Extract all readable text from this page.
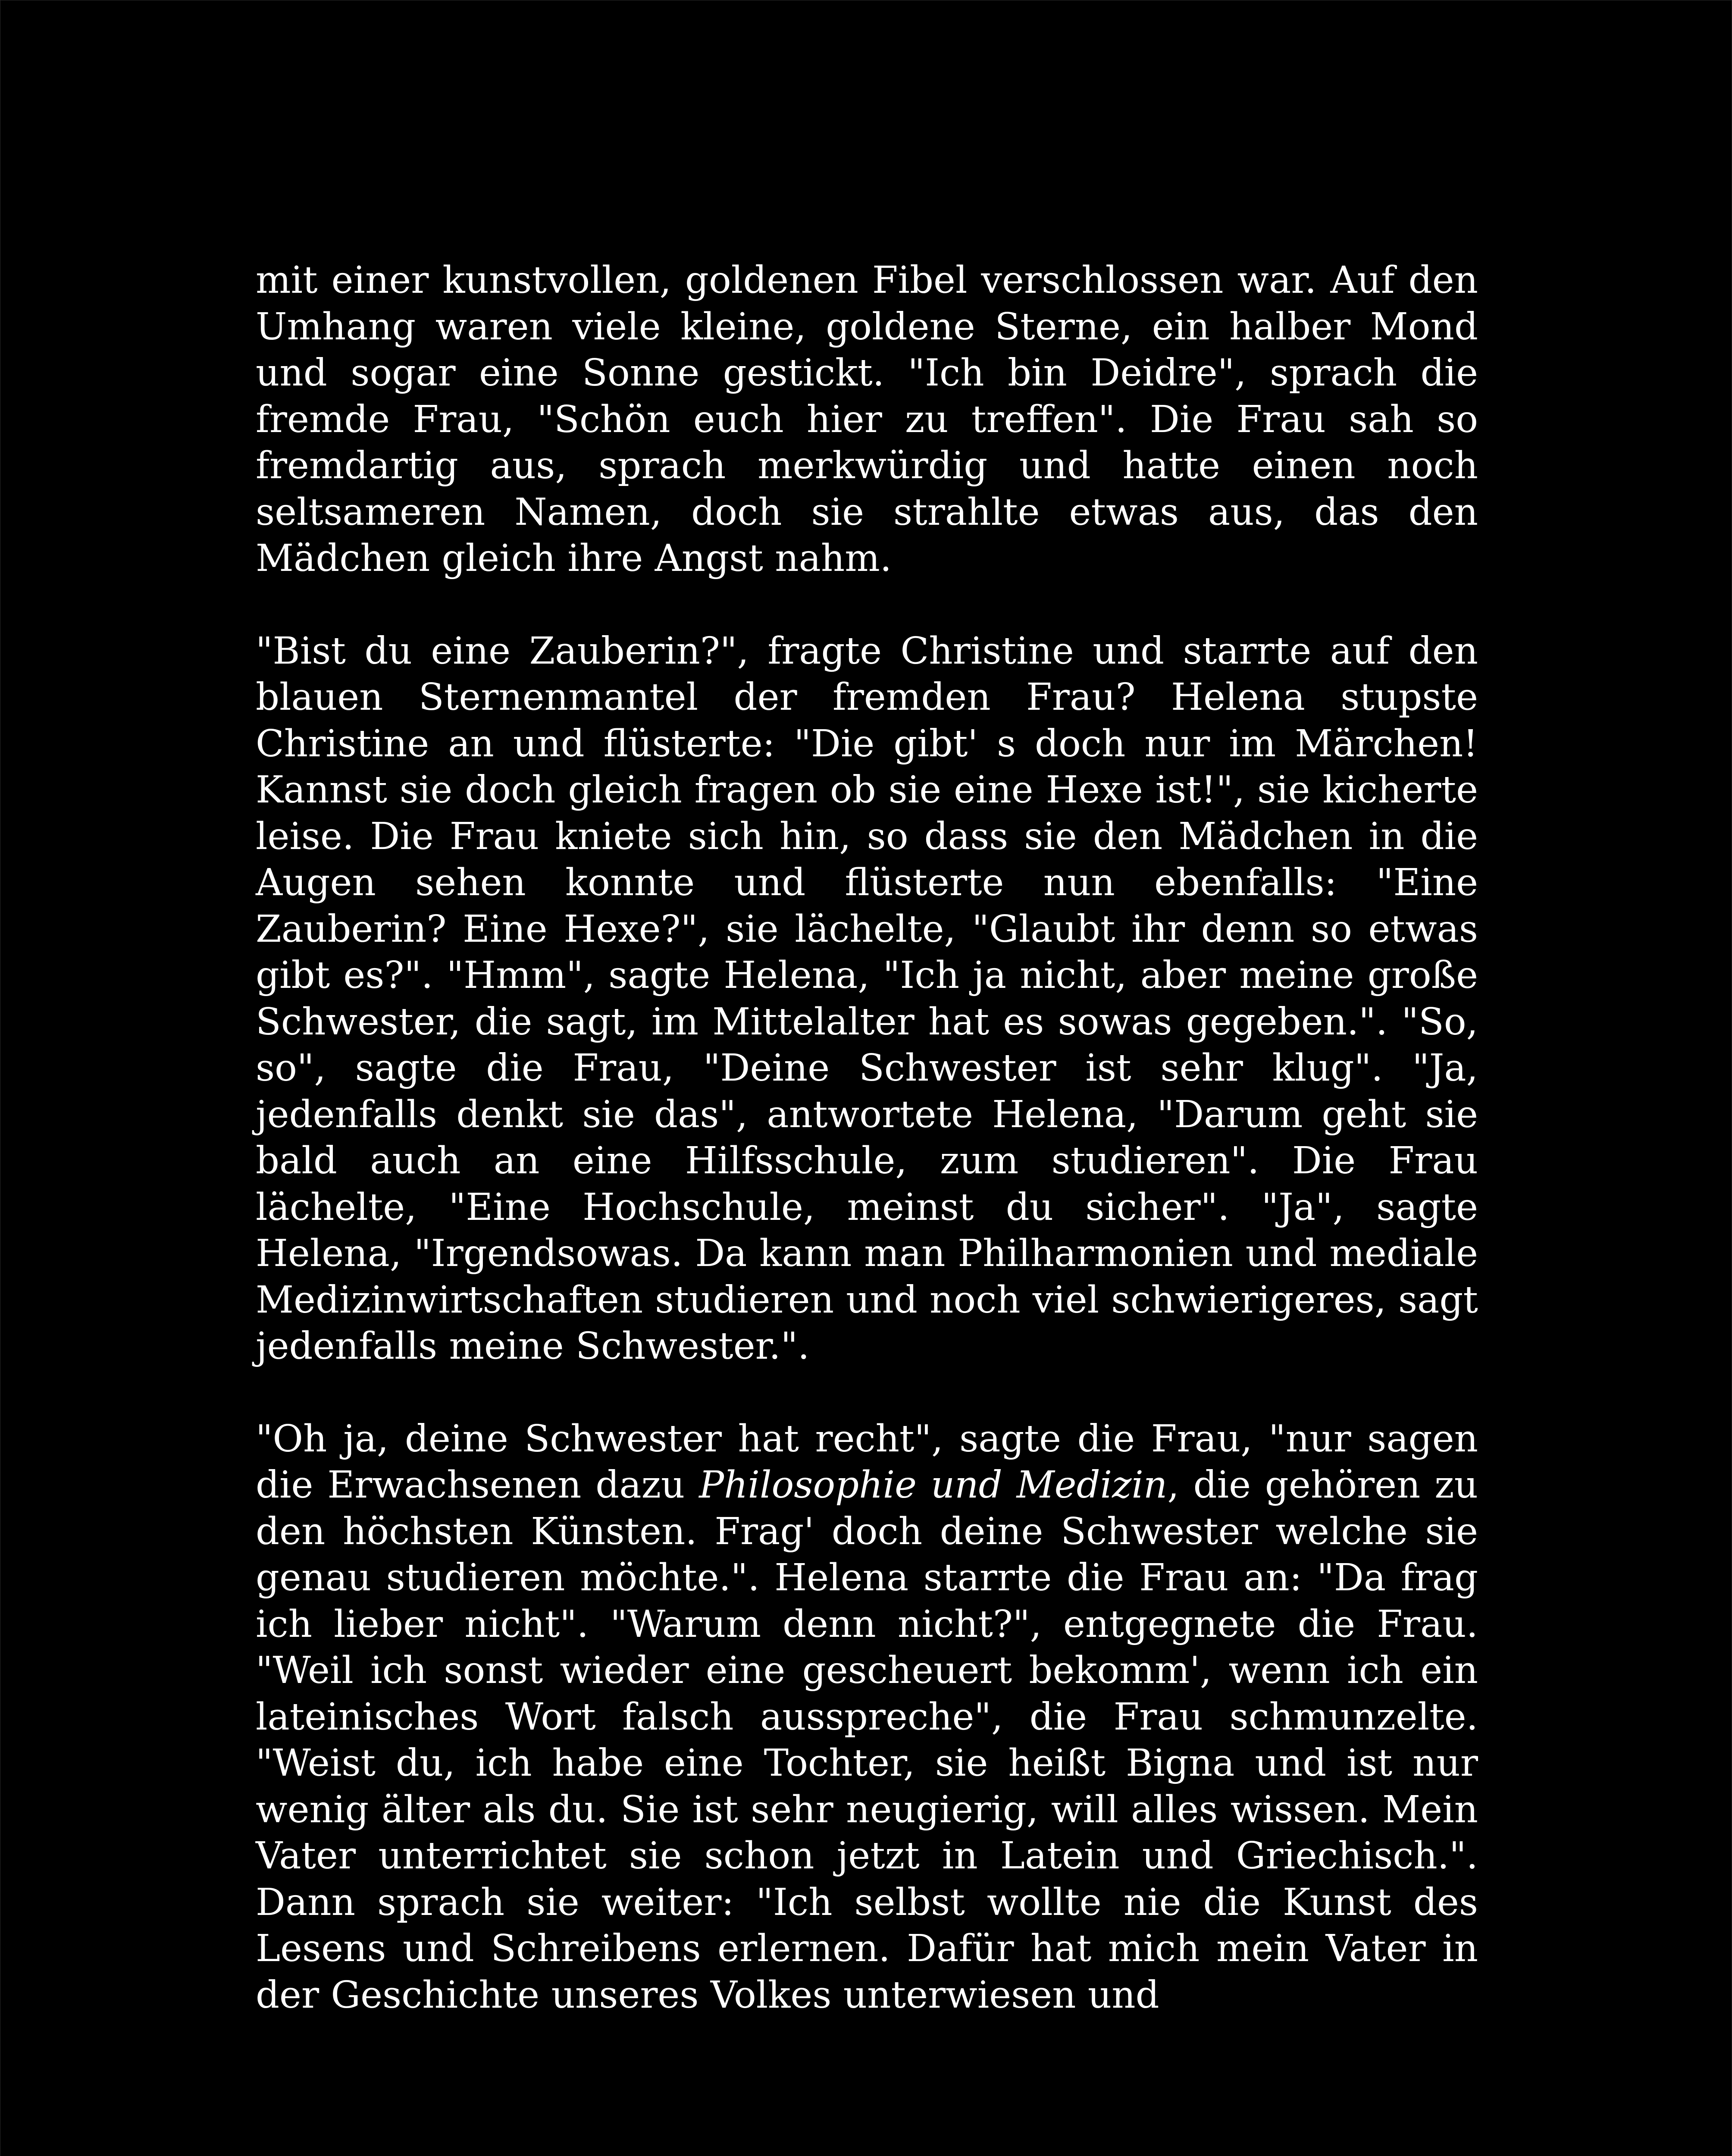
mit einer kunstvollen, goldenen Fibel verschlossen war. Auf den Umhang waren viele kleine, goldene Sterne, ein halber Mond und sogar eine Sonne gestickt. "Ich bin Deidre", sprach die fremde Frau, "Schön euch hier zu treffen". Die Frau sah so fremdartig aus, sprach merkwürdig und hatte einen noch seltsameren Namen, doch sie strahlte etwas aus, das den Mädchen gleich ihre Angst nahm.

"Bist du eine Zauberin?", fragte Christine und starrte auf den blauen Sternenmantel der fremden Frau? Helena stupste Christine an und flüsterte: "Die gibt' s doch nur im Märchen! Kannst sie doch gleich fragen ob sie eine Hexe ist!", sie kicherte leise. Die Frau kniete sich hin, so dass sie den Mädchen in die Augen sehen konnte und flüsterte nun ebenfalls: "Eine Zauberin? Eine Hexe?", sie lächelte, "Glaubt ihr denn so etwas gibt es?". "Hmm", sagte Helena, "Ich ja nicht, aber meine große Schwester, die sagt, im Mittelalter hat es sowas gegeben.". "So, so", sagte die Frau, "Deine Schwester ist sehr klug". "Ja, jedenfalls denkt sie das", antwortete Helena, "Darum geht sie bald auch an eine Hilfsschule, zum studieren". Die Frau lächelte, "Eine Hochschule, meinst du sicher". "Ja", sagte Helena, "Irgendsowas. Da kann man Philharmonien und mediale Medizinwirtschaften studieren und noch viel schwierigeres, sagt jedenfalls meine Schwester.".

"Oh ja, deine Schwester hat recht", sagte die Frau, "nur sagen die Erwachsenen dazu Philosophie und Medizin, die gehören zu den höchsten Künsten. Frag' doch deine Schwester welche sie genau studieren möchte.". Helena starrte die Frau an: "Da frag ich lieber nicht". "Warum denn nicht?", entgegnete die Frau. "Weil ich sonst wieder eine gescheuert bekomm', wenn ich ein lateinisches Wort falsch ausspreche", die Frau schmunzelte. "Weist du, ich habe eine Tochter, sie heißt Bigna und ist nur wenig älter als du. Sie ist sehr neugierig, will alles wissen. Mein Vater unterrichtet sie schon jetzt in Latein und Griechisch.". Dann sprach sie weiter: "Ich selbst wollte nie die Kunst des Lesens und Schreibens erlernen. Dafür hat mich mein Vater in der Geschichte unseres Volkes unterwiesen und
